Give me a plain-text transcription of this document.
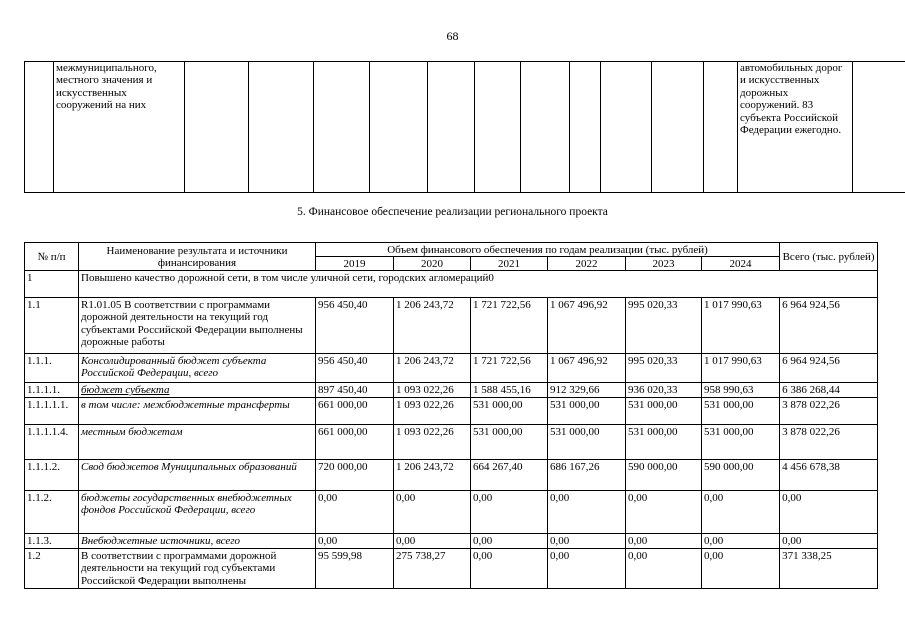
68
	межмуниципального, местного значения и искусственных сооружений на них												автомобильных дорог и искусственных дорожных сооружений. 83 субъекта Российской Федерации ежегодно.	
5. Финансовое обеспечение реализации регионального проекта
№ п/п	Наименование результата и источники финансирования	Объем финансового обеспечения по годам реализации (тыс. рублей)						Всего (тыс. рублей)
		2019	2020	2021	2022	2023	2024	
1	Повышено качество дорожной сети, в том числе уличной сети, городских агломераций0							
1.1	R1.01.05 В соответствии с программами дорожной деятельности на текущий год субъектами Российской Федерации выполнены дорожные работы	956 450,40	1 206 243,72	1 721 722,56	1 067 496,92	995 020,33	1 017 990,63	6 964 924,56
1.1.1.	Консолидированный бюджет субъекта Российской Федерации, всего	956 450,40	1 206 243,72	1 721 722,56	1 067 496,92	995 020,33	1 017 990,63	6 964 924,56
1.1.1.1.	бюджет субъекта	897 450,40	1 093 022,26	1 588 455,16	912 329,66	936 020,33	958 990,63	6 386 268,44
1.1.1.1.1.	в том числе: межбюджетные трансферты	661 000,00	1 093 022,26	531 000,00	531 000,00	531 000,00	531 000,00	3 878 022,26
1.1.1.1.4.	местным бюджетам	661 000,00	1 093 022,26	531 000,00	531 000,00	531 000,00	531 000,00	3 878 022,26
1.1.1.2.	Свод бюджетов Муниципальных образований	720 000,00	1 206 243,72	664 267,40	686 167,26	590 000,00	590 000,00	4 456 678,38
1.1.2.	бюджеты государственных внебюджетных фондов Российской Федерации, всего	0,00	0,00	0,00	0,00	0,00	0,00	0,00
1.1.3.	Внебюджетные источники, всего	0,00	0,00	0,00	0,00	0,00	0,00	0,00
1.2	В соответствии с программами дорожной деятельности на текущий год субъектами Российской Федерации выполнены	95 599,98	275 738,27	0,00	0,00	0,00	0,00	371 338,25
